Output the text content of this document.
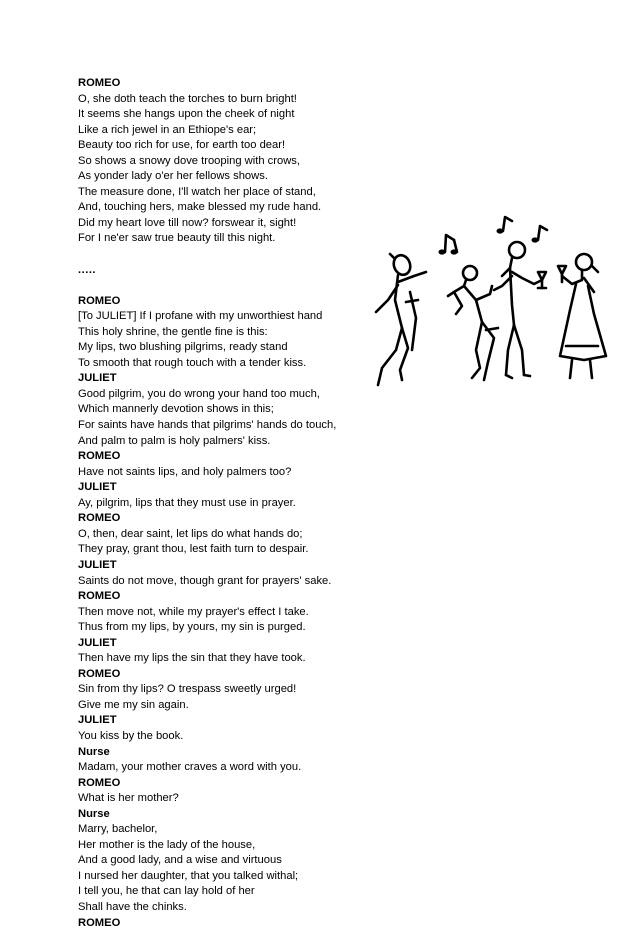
ROMEO
O, she doth teach the torches to burn bright!
It seems she hangs upon the cheek of night
Like a rich jewel in an Ethiope's ear;
Beauty too rich for use, for earth too dear!
So shows a snowy dove trooping with crows,
As yonder lady o'er her fellows shows.
The measure done, I'll watch her place of stand,
And, touching hers, make blessed my rude hand.
Did my heart love till now? forswear it, sight!
For I ne'er saw true beauty till this night.
.....
ROMEO
[To JULIET] If I profane with my unworthiest hand
This holy shrine, the gentle fine is this:
My lips, two blushing pilgrims, ready stand
To smooth that rough touch with a tender kiss.
JULIET
Good pilgrim, you do wrong your hand too much,
Which mannerly devotion shows in this;
For saints have hands that pilgrims' hands do touch,
And palm to palm is holy palmers' kiss.
ROMEO
Have not saints lips, and holy palmers too?
JULIET
Ay, pilgrim, lips that they must use in prayer.
ROMEO
O, then, dear saint, let lips do what hands do;
They pray, grant thou, lest faith turn to despair.
JULIET
Saints do not move, though grant for prayers' sake.
ROMEO
Then move not, while my prayer's effect I take.
Thus from my lips, by yours, my sin is purged.
JULIET
Then have my lips the sin that they have took.
ROMEO
Sin from thy lips? O trespass sweetly urged!
Give me my sin again.
JULIET
You kiss by the book.
Nurse
Madam, your mother craves a word with you.
ROMEO
What is her mother?
Nurse
Marry, bachelor,
Her mother is the lady of the house,
And a good lady, and a wise and virtuous
I nursed her daughter, that you talked withal;
I tell you, he that can lay hold of her
Shall have the chinks.
ROMEO
